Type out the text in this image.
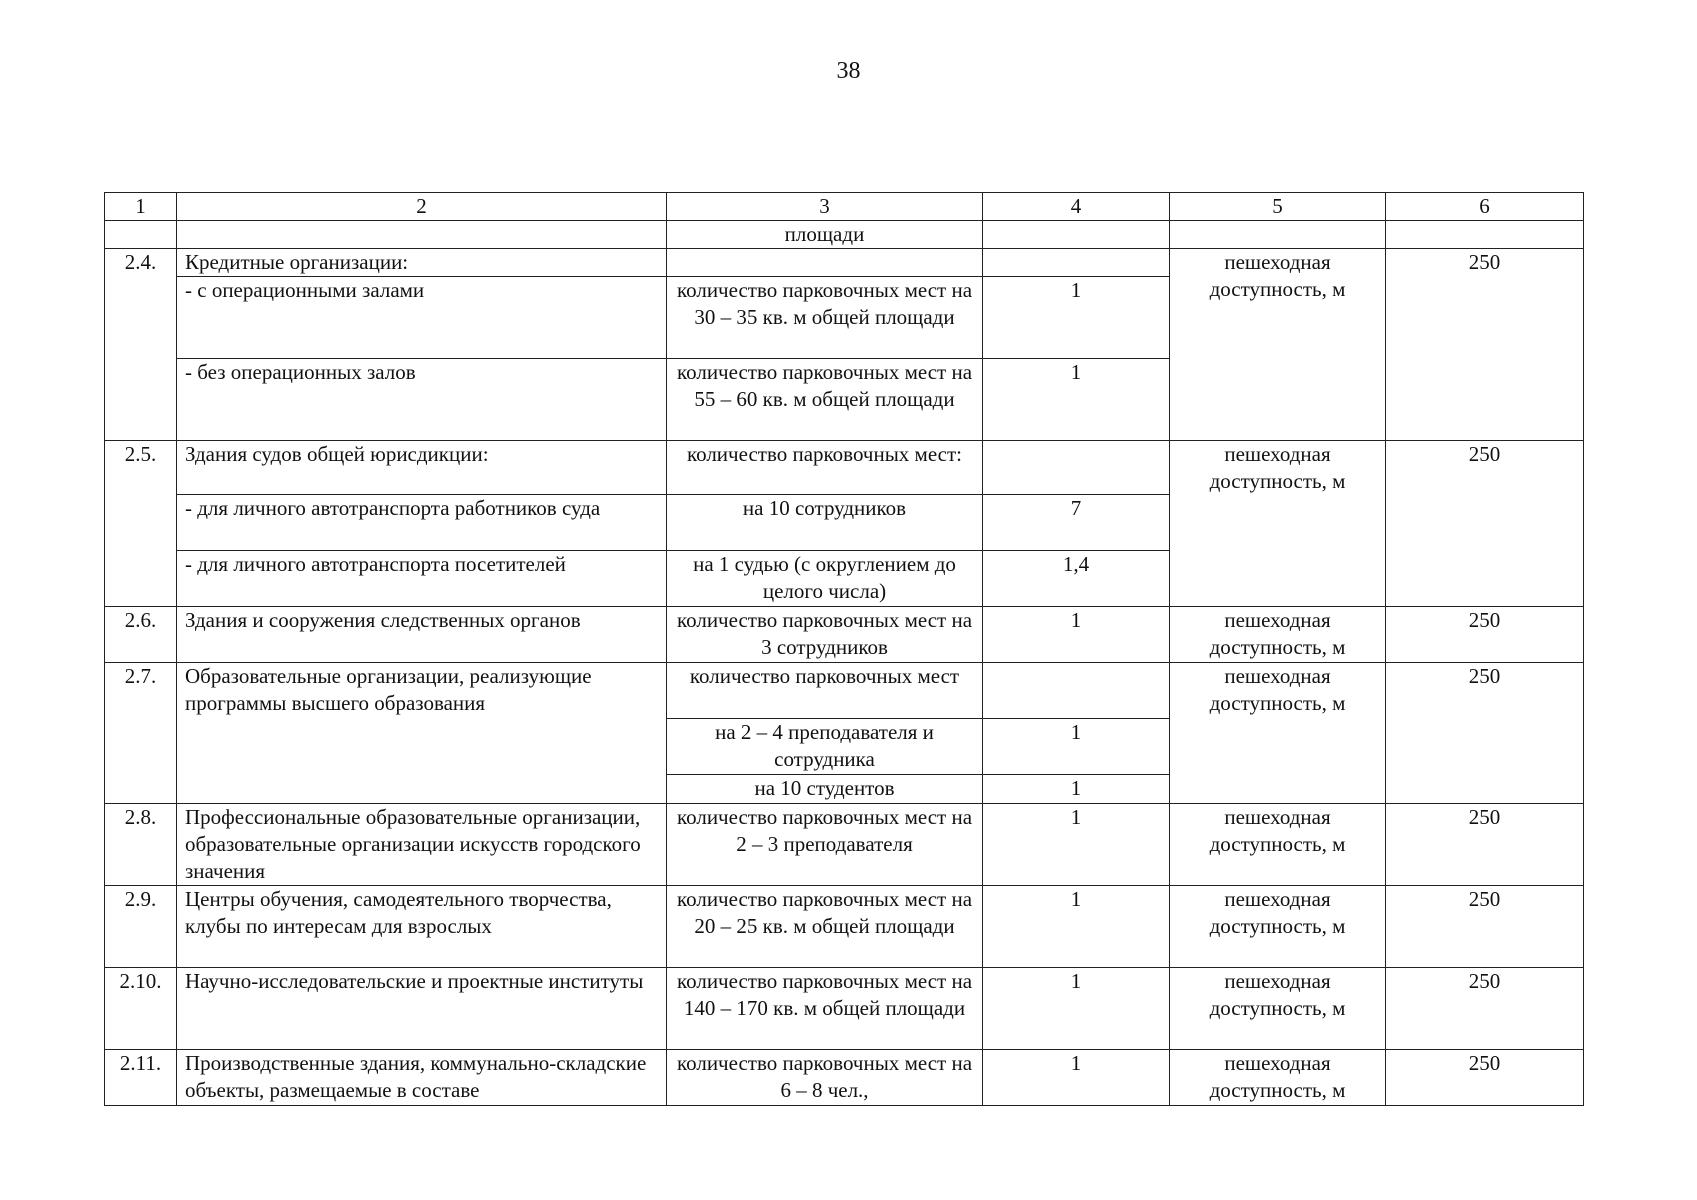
38
1	2	3	4	5	6
		площади			
2.4.	Кредитные организации:			пешеходная доступность, м	250
	- с операционными залами	количество парковочных мест на 30 – 35 кв. м общей площади	1		
	- без операционных залов	количество парковочных мест на 55 – 60 кв. м общей площади	1		
2.5.	Здания судов общей юрисдикции:	количество парковочных мест:		пешеходная доступность, м	250
	- для личного автотранспорта работников суда	на 10 сотрудников	7		
	- для личного автотранспорта посетителей	на 1 судью (с округлением до целого числа)	1,4		
2.6.	Здания и сооружения следственных органов	количество парковочных мест на 3 сотрудников	1	пешеходная доступность, м	250
2.7.	Образовательные организации, реализующие программы высшего образования	количество парковочных мест		пешеходная доступность, м	250
		на 2 – 4 преподавателя и сотрудника	1		
		на 10 студентов	1		
2.8.	Профессиональные образовательные организации, образовательные организации искусств городского значения	количество парковочных мест на 2 – 3 преподавателя	1	пешеходная доступность, м	250
2.9.	Центры обучения, самодеятельного творчества, клубы по интересам для взрослых	количество парковочных мест на 20 – 25 кв. м общей площади	1	пешеходная доступность, м	250
2.10.	Научно-исследовательские и проектные институты	количество парковочных мест на 140 – 170 кв. м общей площади	1	пешеходная доступность, м	250
2.11.	Производственные здания, коммунально-складские объекты, размещаемые в составе	количество парковочных мест на 6 – 8 чел.,	1	пешеходная доступность, м	250
